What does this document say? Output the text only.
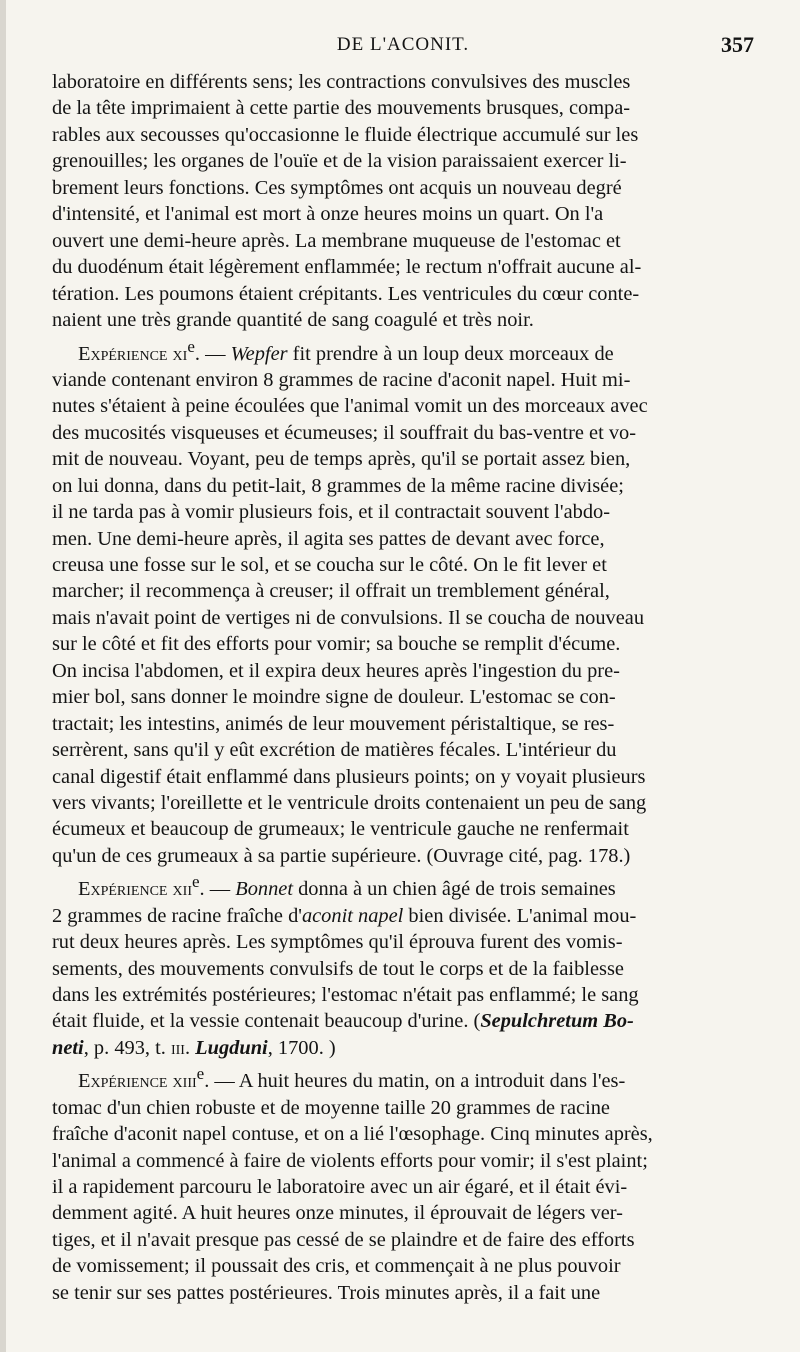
DE L'ACONIT.	357
laboratoire en différents sens; les contractions convulsives des muscles
de la tête imprimaient à cette partie des mouvements brusques, compa-
rables aux secousses qu'occasionne le fluide électrique accumulé sur les
grenouilles; les organes de l'ouïe et de la vision paraissaient exercer li-
brement leurs fonctions. Ces symptômes ont acquis un nouveau degré
d'intensité, et l'animal est mort à onze heures moins un quart. On l'a
ouvert une demi-heure après. La membrane muqueuse de l'estomac et
du duodénum était légèrement enflammée; le rectum n'offrait aucune al-
tération. Les poumons étaient crépitants. Les ventricules du cœur conte-
naient une très grande quantité de sang coagulé et très noir.
Expérience $xi^e$. — Wepfer fit prendre à un loup deux morceaux de
viande contenant environ 8 grammes de racine d'aconit napel. Huit mi-
nutes s'étaient à peine écoulées que l'animal vomit un des morceaux avec
des mucosités visqueuses et écumeuses; il souffrait du bas-ventre et vo-
mit de nouveau. Voyant, peu de temps après, qu'il se portait assez bien,
on lui donna, dans du petit-lait, 8 grammes de la même racine divisée;
il ne tarda pas à vomir plusieurs fois, et il contractait souvent l'abdo-
men. Une demi-heure après, il agita ses pattes de devant avec force,
creusa une fosse sur le sol, et se coucha sur le côté. On le fit lever et
marcher; il recommença à creuser; il offrait un tremblement général,
mais n'avait point de vertiges ni de convulsions. Il se coucha de nouveau
sur le côté et fit des efforts pour vomir; sa bouche se remplit d'écume.
On incisa l'abdomen, et il expira deux heures après l'ingestion du pre-
mier bol, sans donner le moindre signe de douleur. L'estomac se con-
tractait; les intestins, animés de leur mouvement péristaltique, se res-
serrèrent, sans qu'il y eût excrétion de matières fécales. L'intérieur du
canal digestif était enflammé dans plusieurs points; on y voyait plusieurs
vers vivants; l'oreillette et le ventricule droits contenaient un peu de sang
écumeux et beaucoup de grumeaux; le ventricule gauche ne renfermait
qu'un de ces grumeaux à sa partie supérieure. (Ouvrage cité, pag. 178.)
Expérience xii$^e$. — Bonnet donna à un chien âgé de trois semaines
2 grammes de racine fraîche d'aconit napel bien divisée. L'animal mou-
rut deux heures après. Les symptômes qu'il éprouva furent des vomis-
sements, des mouvements convulsifs de tout le corps et de la faiblesse
dans les extrémités postérieures; l'estomac n'était pas enflammé; le sang
était fluide, et la vessie contenait beaucoup d'urine. (Sepulchretum Bo-
neti, p. 493, t. iii. Lugduni, 1700. )
Expérience xiii$^e$. — A huit heures du matin, on a introduit dans l'es-
tomac d'un chien robuste et de moyenne taille 20 grammes de racine
fraîche d'aconit napel contuse, et on a lié l'œsophage. Cinq minutes après,
l'animal a commencé à faire de violents efforts pour vomir; il s'est plaint;
il a rapidement parcouru le laboratoire avec un air égaré, et il était évi-
demment agité. A huit heures onze minutes, il éprouvait de légers ver-
tiges, et il n'avait presque pas cessé de se plaindre et de faire des efforts
de vomissement; il poussait des cris, et commençait à ne plus pouvoir
se tenir sur ses pattes postérieures. Trois minutes après, il a fait une
